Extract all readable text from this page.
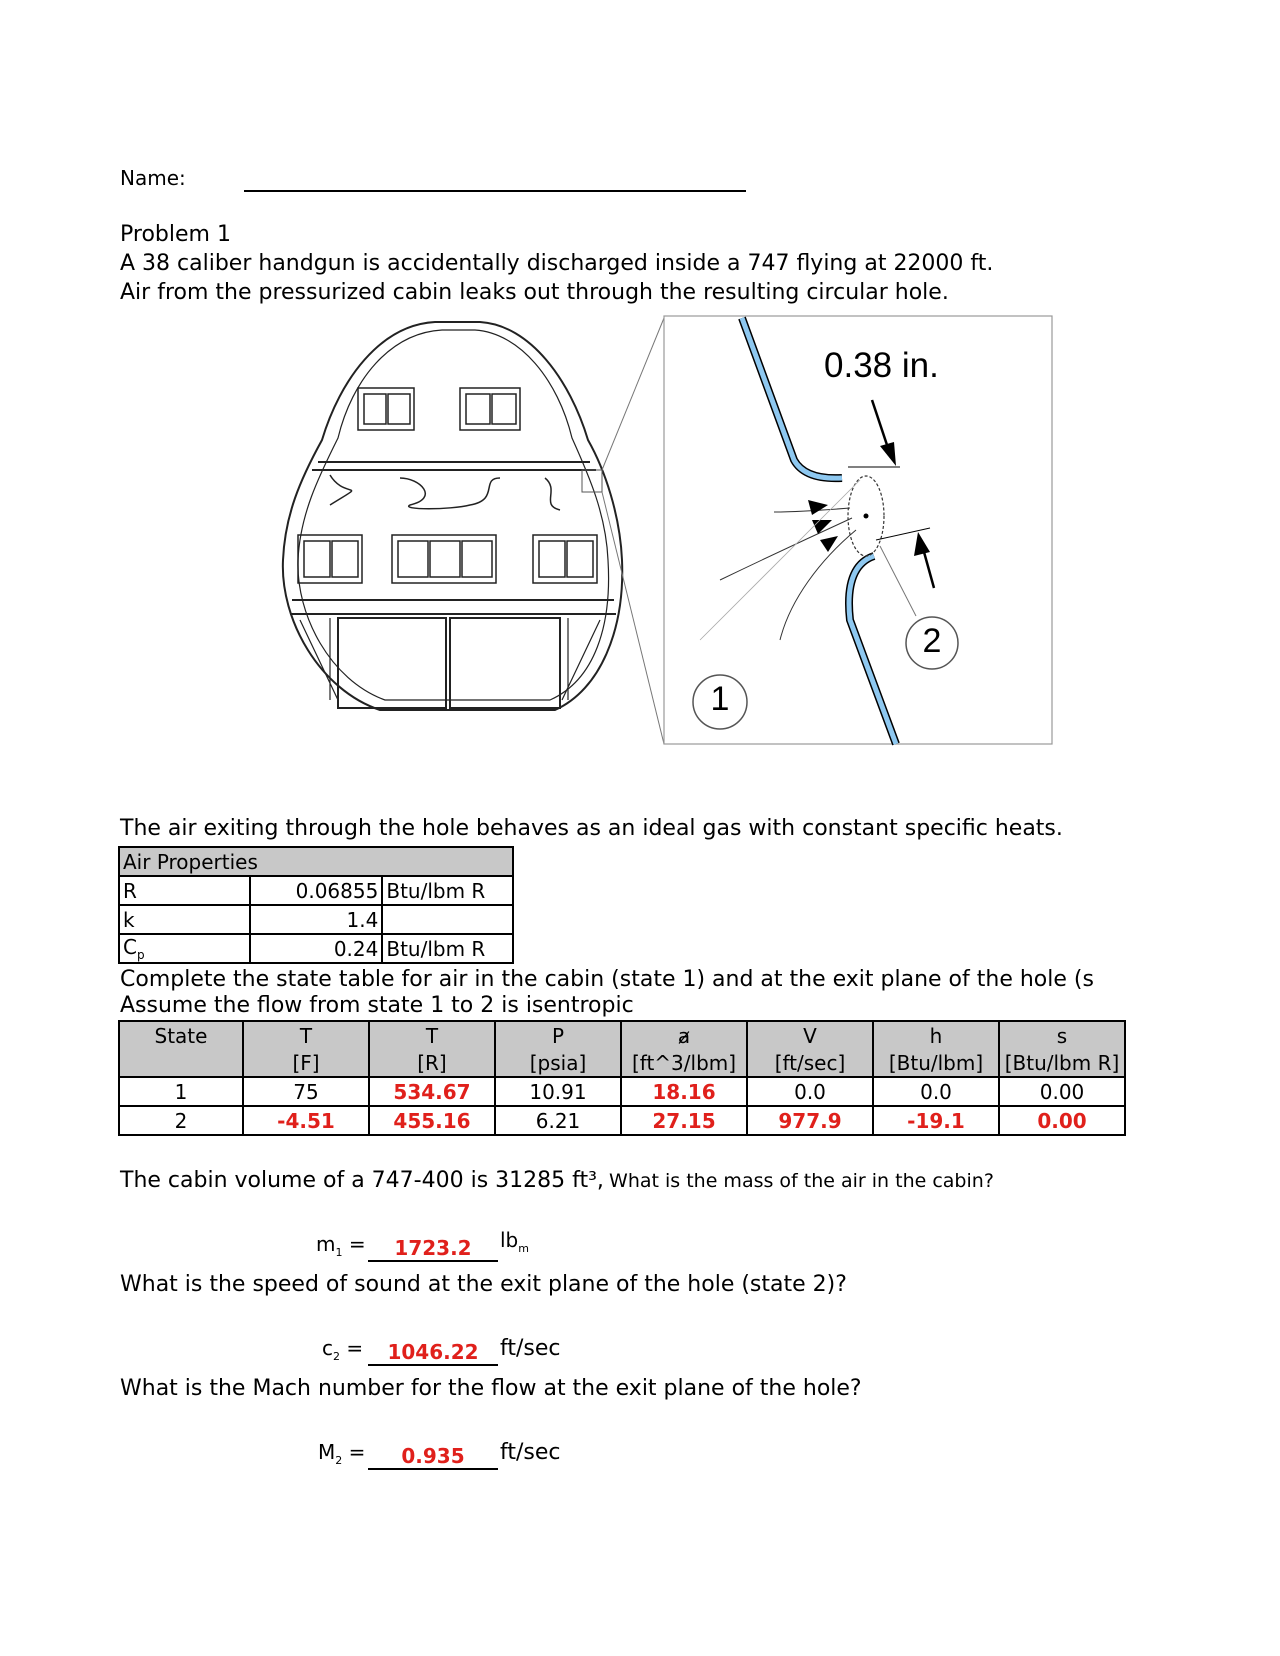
Name:
Problem 1
A 38 caliber handgun is accidentally discharged inside a 747 flying at 22000 ft.
Air from the pressurized cabin leaks out through the resulting circular hole.
0.38 in.
1
2
The air exiting through the hole behaves as an ideal gas with constant specific heats.
Air Properties		
R	0.06855	Btu/lbm R
k	1.4	
$C_p$	0.24	Btu/lbm R
Complete the state table for air in the cabin (state 1) and at the exit plane of the hole (s
Assume the flow from state 1 to 2 is isentropic
State	T	T	P	ⱥ	V	h	s
	[F]	[R]	[psia]	[ft^3/lbm]	[ft/sec]	[Btu/lbm]	[Btu/lbm R]
1	75	534.67	10.91	18.16	0.0	0.0	0.00
2	-4.51	455.16	6.21	27.15	977.9	-19.1	0.00
The cabin volume of a 747-400 is 31285 ft³, What is the mass of the air in the cabin?
$m_1$ =	1723.2	$lb_m$
What is the speed of sound at the exit plane of the hole (state 2)?
$c_2$ =	1046.22 ft/sec
What is the Mach number for the flow at the exit plane of the hole?
$M_2$ =	0.935	ft/sec
